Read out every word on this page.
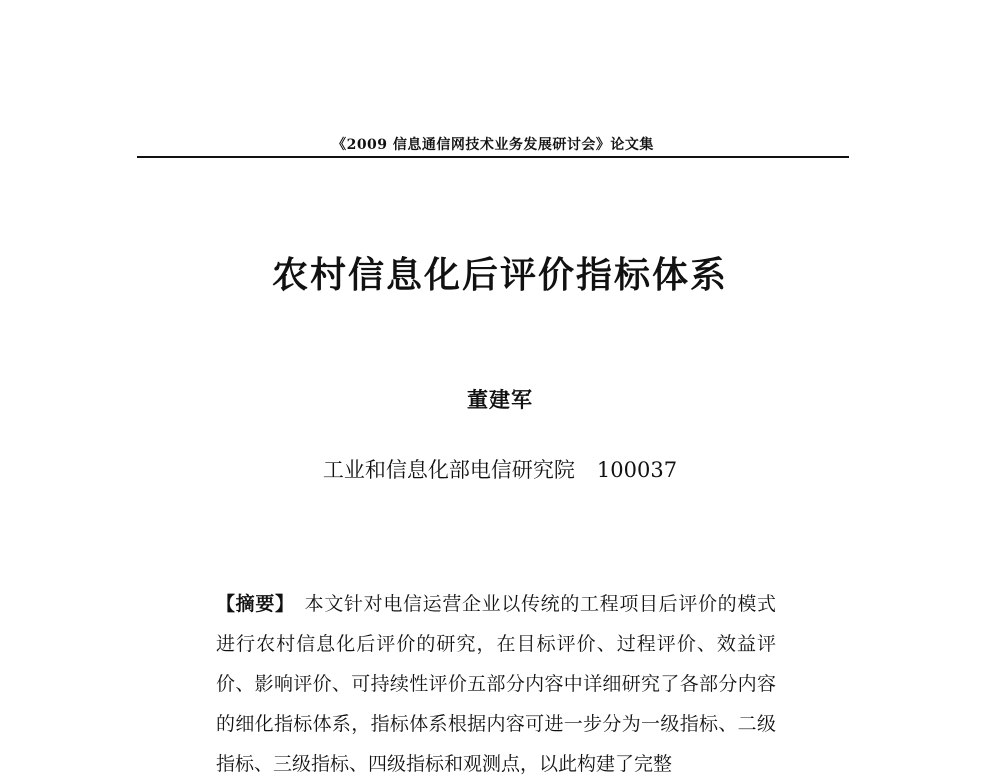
《2009 信息通信网技术业务发展研讨会》论文集
农村信息化后评价指标体系
董建军
工业和信息化部电信研究院 100037
【摘要】 本文针对电信运营企业以传统的工程项目后评价的模式进行农村信息化后评价的研究，在目标评价、过程评价、效益评价、影响评价、可持续性评价五部分内容中详细研究了各部分内容的细化指标体系，指标体系根据内容可进一步分为一级指标、二级指标、三级指标、四级指标和观测点，以此构建了完整
